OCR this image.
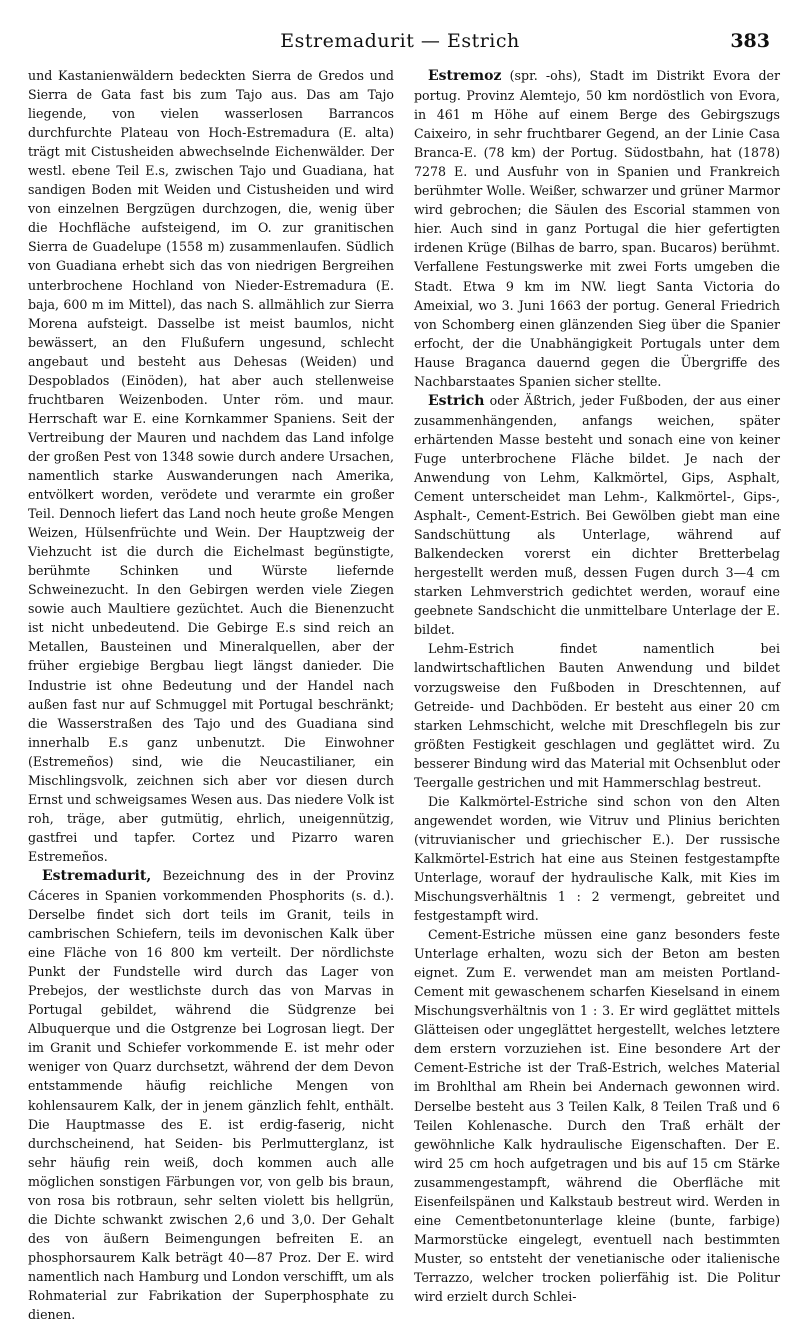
Estremadurit — Estrich	383

und Kastanienwäldern bedeckten Sierra de Gredos und Sierra de Gata fast bis zum Tajo aus. Das am Tajo liegende, von vielen wasserlosen Barrancos durchfurchte Plateau von Hoch-Estremadura (E. alta) trägt mit Cistusheiden abwechselnde Eichenwälder. Der westl. ebene Teil E.s, zwischen Tajo und Guadiana, hat sandigen Boden mit Weiden und Cistusheiden und wird von einzelnen Bergzügen durchzogen, die, wenig über die Hochfläche aufsteigend, im O. zur granitischen Sierra de Guadelupe (1558 m) zusammenlaufen. Südlich von Guadiana erhebt sich das von niedrigen Bergreihen unterbrochene Hochland von Nieder-Estremadura (E. baja, 600 m im Mittel), das nach S. allmählich zur Sierra Morena aufsteigt. Dasselbe ist meist baumlos, nicht bewässert, an den Flußufern ungesund, schlecht angebaut und besteht aus Dehesas (Weiden) und Despoblados (Einöden), hat aber auch stellenweise fruchtbaren Weizenboden. Unter röm. und maur. Herrschaft war E. eine Kornkammer Spaniens. Seit der Vertreibung der Mauren und nachdem das Land infolge der großen Pest von 1348 sowie durch andere Ursachen, namentlich starke Auswanderungen nach Amerika, entvölkert worden, verödete und verarmte ein großer Teil. Dennoch liefert das Land noch heute große Mengen Weizen, Hülsenfrüchte und Wein. Der Hauptzweig der Viehzucht ist die durch die Eichelmast begünstigte, berühmte Schinken und Würste liefernde Schweinezucht. In den Gebirgen werden viele Ziegen sowie auch Maultiere gezüchtet. Auch die Bienenzucht ist nicht unbedeutend. Die Gebirge E.s sind reich an Metallen, Bausteinen und Mineralquellen, aber der früher ergiebige Bergbau liegt längst danieder. Die Industrie ist ohne Bedeutung und der Handel nach außen fast nur auf Schmuggel mit Portugal beschränkt; die Wasserstraßen des Tajo und des Guadiana sind innerhalb E.s ganz unbenutzt. Die Einwohner (Estremeños) sind, wie die Neucastilianer, ein Mischlingsvolk, zeichnen sich aber vor diesen durch Ernst und schweigsames Wesen aus. Das niedere Volk ist roh, träge, aber gutmütig, ehrlich, uneigennützig, gastfrei und tapfer. Cortez und Pizarro waren Estremeños.

Estremadurit, Bezeichnung des in der Provinz Cáceres in Spanien vorkommenden Phosphorits (s. d.). Derselbe findet sich dort teils im Granit, teils in cambrischen Schiefern, teils im devonischen Kalk über eine Fläche von 16 800 km verteilt. Der nördlichste Punkt der Fundstelle wird durch das Lager von Prebejos, der westlichste durch das von Marvas in Portugal gebildet, während die Südgrenze bei Albuquerque und die Ostgrenze bei Logrosan liegt. Der im Granit und Schiefer vorkommende E. ist mehr oder weniger von Quarz durchsetzt, während der dem Devon entstammende häufig reichliche Mengen von kohlensaurem Kalk, der in jenem gänzlich fehlt, enthält. Die Hauptmasse des E. ist erdig-faserig, nicht durchscheinend, hat Seiden- bis Perlmutterglanz, ist sehr häufig rein weiß, doch kommen auch alle möglichen sonstigen Färbungen vor, von gelb bis braun, von rosa bis rotbraun, sehr selten violett bis hellgrün, die Dichte schwankt zwischen 2,6 und 3,0. Der Gehalt des von äußern Beimengungen befreiten E. an phosphorsaurem Kalk beträgt 40—87 Proz. Der E. wird namentlich nach Hamburg und London verschifft, um als Rohmaterial zur Fabrikation der Superphosphate zu dienen.

Estremoz (spr. -ohs), Stadt im Distrikt Evora der portug. Provinz Alemtejo, 50 km nordöstlich von Evora, in 461 m Höhe auf einem Berge des Gebirgszugs Caixeiro, in sehr fruchtbarer Gegend, an der Linie Casa Branca-E. (78 km) der Portug. Südostbahn, hat (1878) 7278 E. und Ausfuhr von in Spanien und Frankreich berühmter Wolle. Weißer, schwarzer und grüner Marmor wird gebrochen; die Säulen des Escorial stammen von hier. Auch sind in ganz Portugal die hier gefertigten irdenen Krüge (Bilhas de barro, span. Bucaros) berühmt. Verfallene Festungswerke mit zwei Forts umgeben die Stadt. Etwa 9 km im NW. liegt Santa Victoria do Ameixial, wo 3. Juni 1663 der portug. General Friedrich von Schomberg einen glänzenden Sieg über die Spanier erfocht, der die Unabhängigkeit Portugals unter dem Hause Braganca dauernd gegen die Übergriffe des Nachbarstaates Spanien sicher stellte.

Estrich oder Äßtrich, jeder Fußboden, der aus einer zusammenhängenden, anfangs weichen, später erhärtenden Masse besteht und sonach eine von keiner Fuge unterbrochene Fläche bildet. Je nach der Anwendung von Lehm, Kalkmörtel, Gips, Asphalt, Cement unterscheidet man Lehm-, Kalkmörtel-, Gips-, Asphalt-, Cement-Estrich. Bei Gewölben giebt man eine Sandschüttung als Unterlage, während auf Balkendecken vorerst ein dichter Bretterbelag hergestellt werden muß, dessen Fugen durch 3—4 cm starken Lehmverstrich gedichtet werden, worauf eine geebnete Sandschicht die unmittelbare Unterlage der E. bildet.

Lehm-Estrich findet namentlich bei landwirtschaftlichen Bauten Anwendung und bildet vorzugsweise den Fußboden in Dreschtennen, auf Getreide- und Dachböden. Er besteht aus einer 20 cm starken Lehmschicht, welche mit Dreschflegeln bis zur größten Festigkeit geschlagen und geglättet wird. Zu besserer Bindung wird das Material mit Ochsenblut oder Teergalle gestrichen und mit Hammerschlag bestreut.

Die Kalkmörtel-Estriche sind schon von den Alten angewendet worden, wie Vitruv und Plinius berichten (vitruvianischer und griechischer E.). Der russische Kalkmörtel-Estrich hat eine aus Steinen festgestampfte Unterlage, worauf der hydraulische Kalk, mit Kies im Mischungsverhältnis 1 : 2 vermengt, gebreitet und festgestampft wird.

Cement-Estriche müssen eine ganz besonders feste Unterlage erhalten, wozu sich der Beton am besten eignet. Zum E. verwendet man am meisten Portland-Cement mit gewaschenem scharfen Kieselsand in einem Mischungsverhältnis von 1 : 3. Er wird geglättet mittels Glätteisen oder ungeglättet hergestellt, welches letztere dem erstern vorzuziehen ist. Eine besondere Art der Cement-Estriche ist der Traß-Estrich, welches Material im Brohlthal am Rhein bei Andernach gewonnen wird. Derselbe besteht aus 3 Teilen Kalk, 8 Teilen Traß und 6 Teilen Kohlenasche. Durch den Traß erhält der gewöhnliche Kalk hydraulische Eigenschaften. Der E. wird 25 cm hoch aufgetragen und bis auf 15 cm Stärke zusammengestampft, während die Oberfläche mit Eisenfeilspänen und Kalkstaub bestreut wird. Werden in eine Cementbetonunterlage kleine (bunte, farbige) Marmorstücke eingelegt, eventuell nach bestimmten Muster, so entsteht der venetianische oder italienische Terrazzo, welcher trocken polierfähig ist. Die Politur wird erzielt durch Schlei-
